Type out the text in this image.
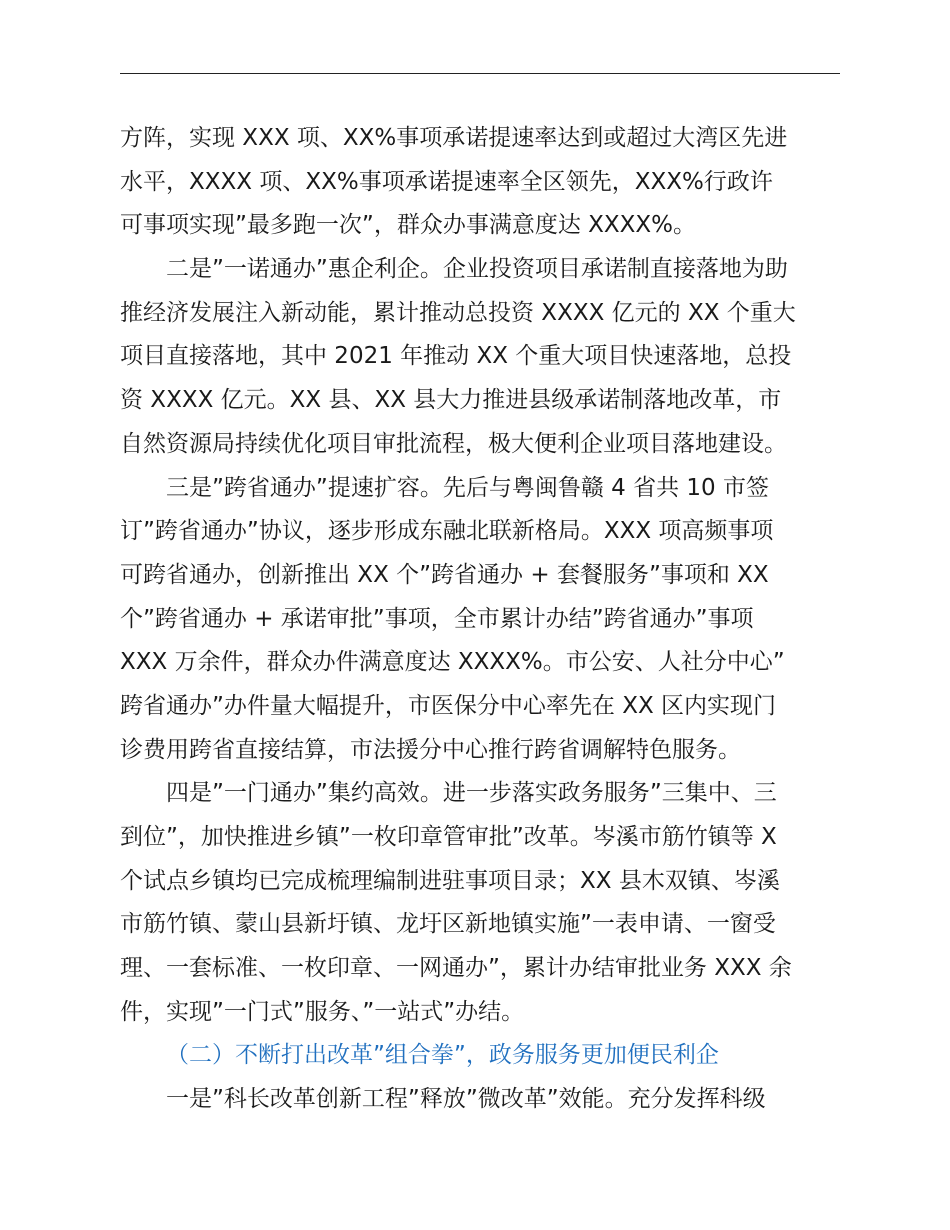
方阵，实现 XXX 项、XX%事项承诺提速率达到或超过大湾区先进
水平，XXXX 项、XX%事项承诺提速率全区领先，XXX%行政许
可事项实现”最多跑一次”，群众办事满意度达 XXXX%。
二是”一诺通办”惠企利企。企业投资项目承诺制直接落地为助
推经济发展注入新动能，累计推动总投资 XXXX 亿元的 XX 个重大
项目直接落地，其中 2021 年推动 XX 个重大项目快速落地，总投
资 XXXX 亿元。XX 县、XX 县大力推进县级承诺制落地改革，市
自然资源局持续优化项目审批流程，极大便利企业项目落地建设。
三是”跨省通办”提速扩容。先后与粤闽鲁赣 4 省共 10 市签
订”跨省通办”协议，逐步形成东融北联新格局。XXX 项高频事项
可跨省通办，创新推出 XX 个”跨省通办 + 套餐服务”事项和 XX
个”跨省通办 + 承诺审批”事项，全市累计办结”跨省通办”事项
XXX 万余件，群众办件满意度达 XXXX%。市公安、人社分中心”
跨省通办”办件量大幅提升，市医保分中心率先在 XX 区内实现门
诊费用跨省直接结算，市法援分中心推行跨省调解特色服务。
四是”一门通办”集约高效。进一步落实政务服务”三集中、三
到位”，加快推进乡镇”一枚印章管审批”改革。岑溪市筋竹镇等 X
个试点乡镇均已完成梳理编制进驻事项目录；XX 县木双镇、岑溪
市筋竹镇、蒙山县新圩镇、龙圩区新地镇实施”一表申请、一窗受
理、一套标准、一枚印章、一网通办”，累计办结审批业务 XXX 余
件，实现”一门式”服务、”一站式”办结。
（二）不断打出改革”组合拳”，政务服务更加便民利企
一是”科长改革创新工程”释放”微改革”效能。充分发挥科级
